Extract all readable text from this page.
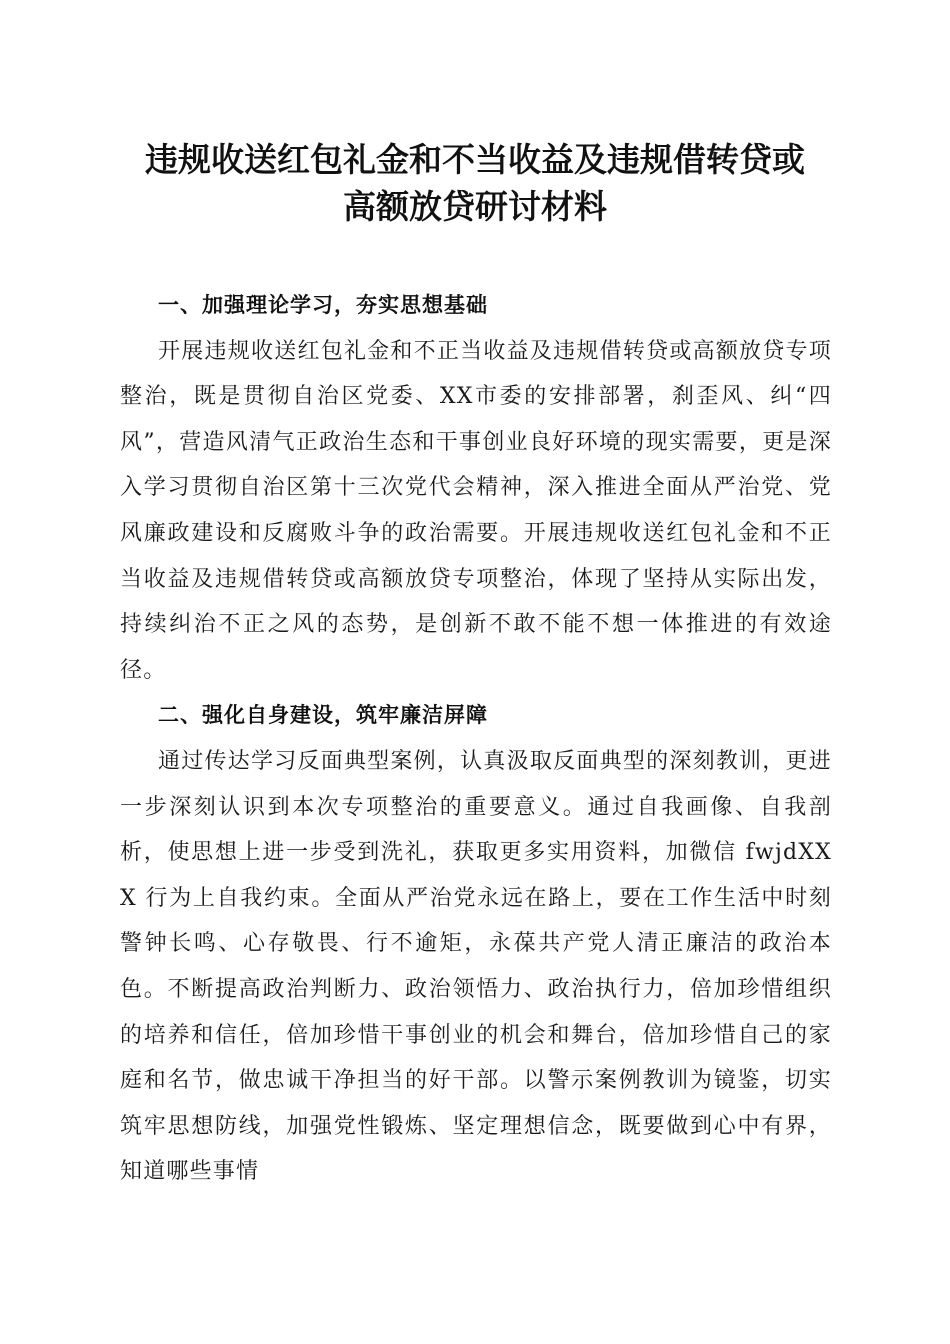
违规收送红包礼金和不当收益及违规借转贷或
高额放贷研讨材料
一、加强理论学习，夯实思想基础

开展违规收送红包礼金和不正当收益及违规借转贷或高额放贷专项整治，既是贯彻自治区党委、XX市委的安排部署，刹歪风、纠“四风”，营造风清气正政治生态和干事创业良好环境的现实需要，更是深入学习贯彻自治区第十三次党代会精神，深入推进全面从严治党、党风廉政建设和反腐败斗争的政治需要。开展违规收送红包礼金和不正当收益及违规借转贷或高额放贷专项整治，体现了坚持从实际出发，持续纠治不正之风的态势，是创新不敢不能不想一体推进的有效途径。

二、强化自身建设，筑牢廉洁屏障

通过传达学习反面典型案例，认真汲取反面典型的深刻教训，更进一步深刻认识到本次专项整治的重要意义。通过自我画像、自我剖析，使思想上进一步受到洗礼，获取更多实用资料，加微信 fwjdXXX 行为上自我约束。全面从严治党永远在路上，要在工作生活中时刻警钟长鸣、心存敬畏、行不逾矩，永葆共产党人清正廉洁的政治本色。不断提高政治判断力、政治领悟力、政治执行力，倍加珍惜组织的培养和信任，倍加珍惜干事创业的机会和舞台，倍加珍惜自己的家庭和名节，做忠诚干净担当的好干部。以警示案例教训为镜鉴，切实筑牢思想防线，加强党性锻炼、坚定理想信念，既要做到心中有界，知道哪些事情
